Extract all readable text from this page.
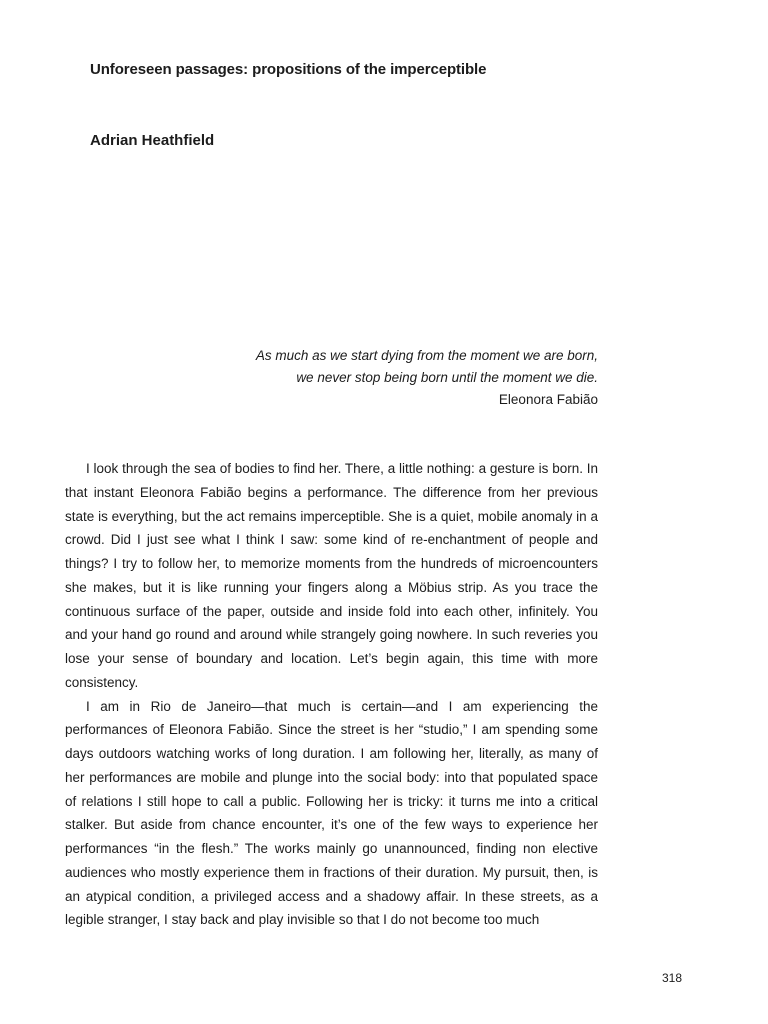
Unforeseen passages: propositions of the imperceptible
Adrian Heathfield
As much as we start dying from the moment we are born,
we never stop being born until the moment we die.
Eleonora Fabião

I look through the sea of bodies to find her. There, a little nothing: a gesture is born. In that instant Eleonora Fabião begins a performance. The difference from her previous state is everything, but the act remains imperceptible. She is a quiet, mobile anomaly in a crowd. Did I just see what I think I saw: some kind of re-enchantment of people and things? I try to follow her, to memorize moments from the hundreds of microencounters she makes, but it is like running your fingers along a Möbius strip. As you trace the continuous surface of the paper, outside and inside fold into each other, infinitely. You and your hand go round and around while strangely going nowhere. In such reveries you lose your sense of boundary and location. Let’s begin again, this time with more consistency.

I am in Rio de Janeiro—that much is certain—and I am experiencing the performances of Eleonora Fabião. Since the street is her “studio,” I am spending some days outdoors watching works of long duration. I am following her, literally, as many of her performances are mobile and plunge into the social body: into that populated space of relations I still hope to call a public. Following her is tricky: it turns me into a critical stalker. But aside from chance encounter, it’s one of the few ways to experience her performances “in the flesh.” The works mainly go unannounced, finding non elective audiences who mostly experience them in fractions of their duration. My pursuit, then, is an atypical condition, a privileged access and a shadowy affair. In these streets, as a legible stranger, I stay back and play invisible so that I do not become too much

318
